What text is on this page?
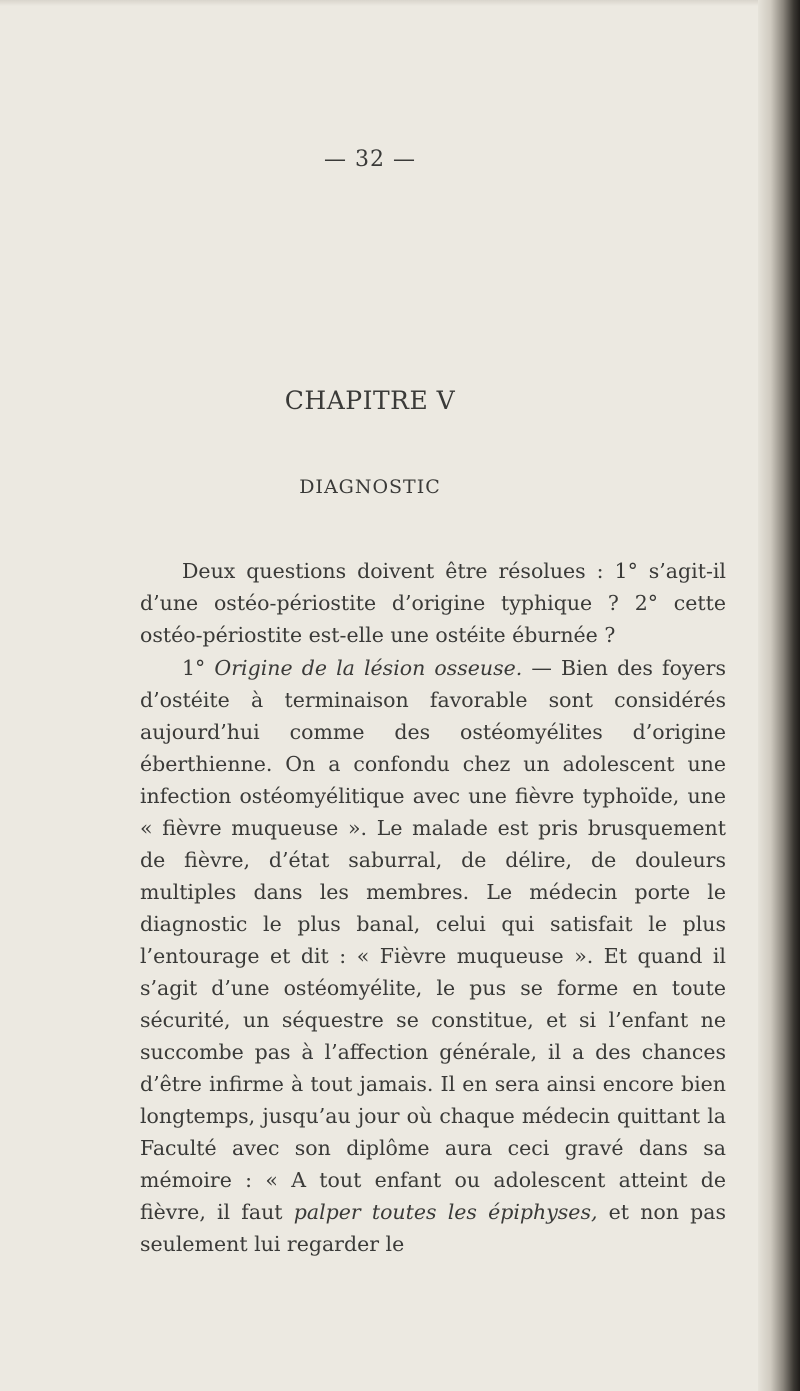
— 32 —
CHAPITRE V
DIAGNOSTIC

Deux questions doivent être résolues : 1° s’agit-il d’une ostéo-périostite d’origine typhique ? 2° cette ostéo-périostite est-elle une ostéite éburnée ?

1° Origine de la lésion osseuse. — Bien des foyers d’ostéite à terminaison favorable sont considérés aujourd’hui comme des ostéomyélites d’origine éberthienne. On a confondu chez un adolescent une infection ostéomyélitique avec une fièvre typhoïde, une « fièvre muqueuse ». Le malade est pris brusquement de fièvre, d’état saburral, de délire, de douleurs multiples dans les membres. Le médecin porte le diagnostic le plus banal, celui qui satisfait le plus l’entourage et dit : « Fièvre muqueuse ». Et quand il s’agit d’une ostéomyélite, le pus se forme en toute sécurité, un séquestre se constitue, et si l’enfant ne succombe pas à l’affection générale, il a des chances d’être infirme à tout jamais. Il en sera ainsi encore bien longtemps, jusqu’au jour où chaque médecin quittant la Faculté avec son diplôme aura ceci gravé dans sa mémoire : « A tout enfant ou adolescent atteint de fièvre, il faut palper toutes les épiphyses, et non pas seulement lui regarder le
